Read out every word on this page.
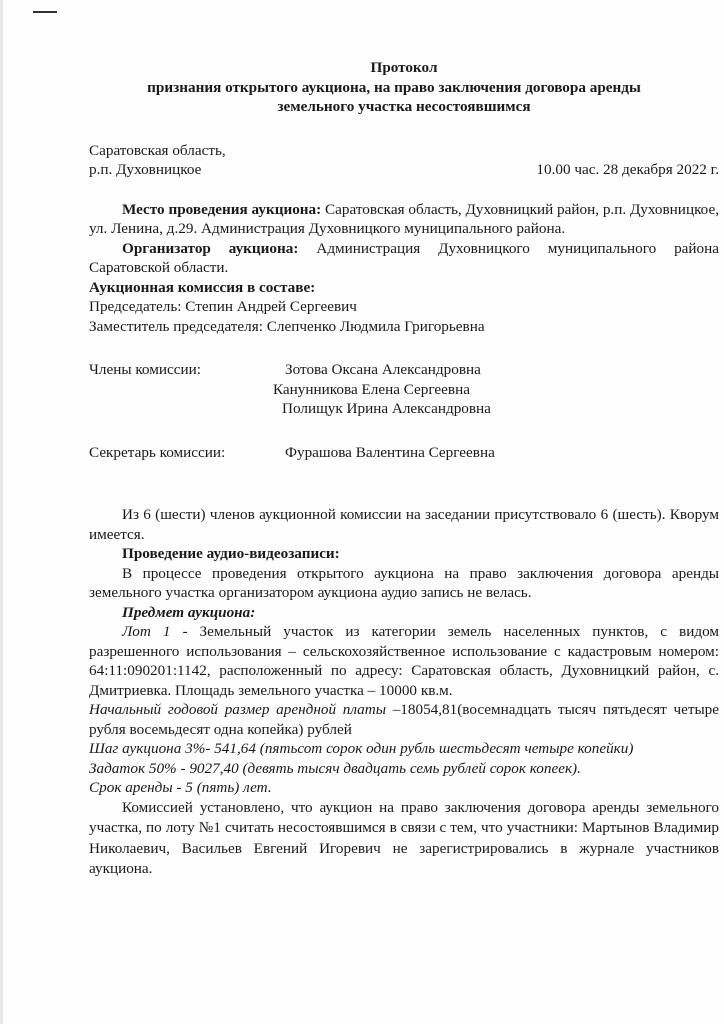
Протокол
признания открытого аукциона, на право заключения договора аренды
земельного участка несостоявшимся
Саратовская область,
р.п. Духовницкое	10.00 час. 28 декабря 2022 г.

Место проведения аукциона: Саратовская область, Духовницкий район, р.п. Духовницкое, ул. Ленина, д.29. Администрация Духовницкого муниципального района.

Организатор аукциона: Администрация Духовницкого муниципального района Саратовской области.

Аукционная комиссия в составе:
Председатель: Степин Андрей Сергеевич
Заместитель председателя: Слепченко Людмила Григорьевна
Члены комиссии:	Зотова Оксана Александровна
Канунникова Елена Сергеевна
Полищук Ирина Александровна
Секретарь комиссии:	Фурашова Валентина Сергеевна

Из 6 (шести) членов аукционной комиссии на заседании присутствовало 6 (шесть). Кворум имеется.

Проведение аудио-видеозаписи:

В процессе проведения открытого аукциона на право заключения договора аренды земельного участка организатором аукциона аудио запись не велась.

Предмет аукциона:

Лот 1 - Земельный участок из категории земель населенных пунктов, с видом разрешенного использования – сельскохозяйственное использование с кадастровым номером: 64:11:090201:1142, расположенный по адресу: Саратовская область, Духовницкий район, с. Дмитриевка. Площадь земельного участка – 10000 кв.м.

Начальный годовой размер арендной платы –18054,81(восемнадцать тысяч пятьдесят четыре рубля восемьдесят одна копейка) рублей

Шаг аукциона 3%- 541,64 (пятьсот сорок один рубль шестьдесят четыре копейки)
Задаток 50% - 9027,40 (девять тысяч двадцать семь рублей сорок копеек).
Срок аренды - 5 (пять) лет.

Комиссией установлено, что аукцион на право заключения договора аренды земельного участка, по лоту №1 считать несостоявшимся в связи с тем, что участники: Мартынов Владимир Николаевич, Васильев Евгений Игоревич не зарегистрировались в журнале участников аукциона.
